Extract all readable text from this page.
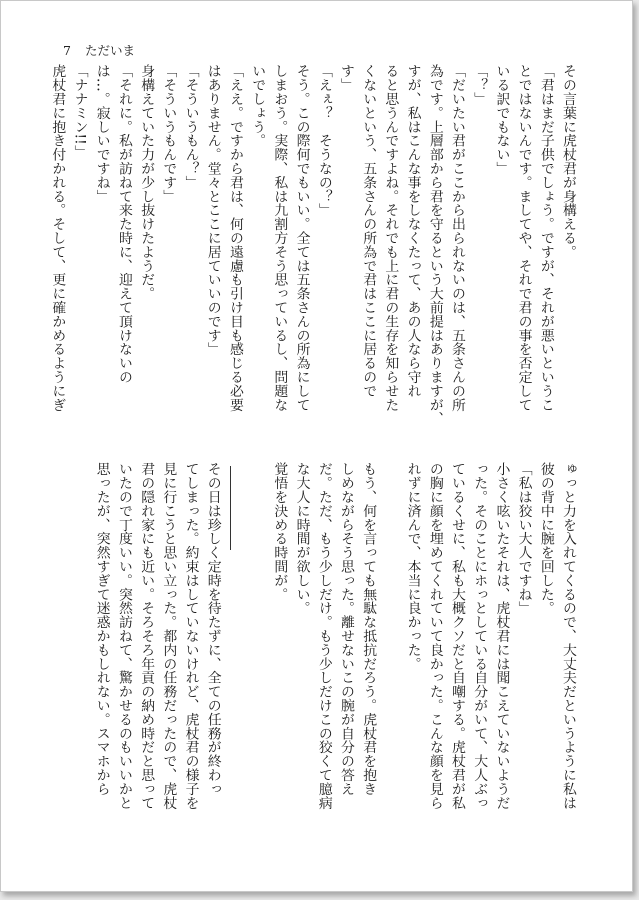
7 ただいま

その言葉に虎杖君が身構える。

「君はまだ子供でしょう。ですが、それが悪いというこ

とではないんです。ましてや、それで君の事を否定して

いる訳でもない」

「？」

「だいたい君がここから出られないのは、五条さんの所

為です。上層部から君を守るという大前提はありますが、

すが、私はこんな事をしなくたって、あの人なら守れ

ると思うんですよね。それでも上に君の生存を知らせた

くないという、五条さんの所為で君はここに居るので

す」

「えぇ？　そうなの？」

そう。この際何でもいい。全ては五条さんの所為にして

しまおう。実際、私は九割方そう思っているし、問題な

いでしょう。

「ええ。ですから君は、何の遠慮も引け目も感じる必要

はありません。堂々とここに居ていいのです」

「そういうもん？」

「そういうもんです」

身構えていた力が少し抜けたようだ。

「それに。私が訪ねて来た時に、迎えて頂けないの

は…。寂しいですね」

「ナナミン!!」

虎杖君に抱き付かれる。そして、更に確かめるようにぎ

ゅっと力を入れてくるので、大丈夫だというように私は

彼の背中に腕を回した。

「私は狡い大人ですね」

小さく呟いたそれは、虎杖君には聞こえていないようだ

った。そのことにホっとしている自分がいて、大人ぶっ

ているくせに、私も大概クソだと自嘲する。虎杖君が私

の胸に顔を埋めてくれていて良かった。こんな顔を見ら

れずに済んで、本当に良かった。

もう、何を言っても無駄な抵抗だろう。虎杖君を抱き

しめながらそう思った。離せないこの腕が自分の答え

だ。ただ、もう少しだけ。もう少しだけこの狡くて臆病

な大人に時間が欲しい。

覚悟を決める時間が。

その日は珍しく定時を待たずに、全ての任務が終わっ

てしまった。約束はしていないけれど、虎杖君の様子を

見に行こうと思い立った。都内の任務だったので、虎杖

君の隠れ家にも近い。そろそろ年貢の納め時だと思って

いたので丁度いい。突然訪ねて、驚かせるのもいいかと

思ったが、突然すぎて迷惑かもしれない。スマホから
